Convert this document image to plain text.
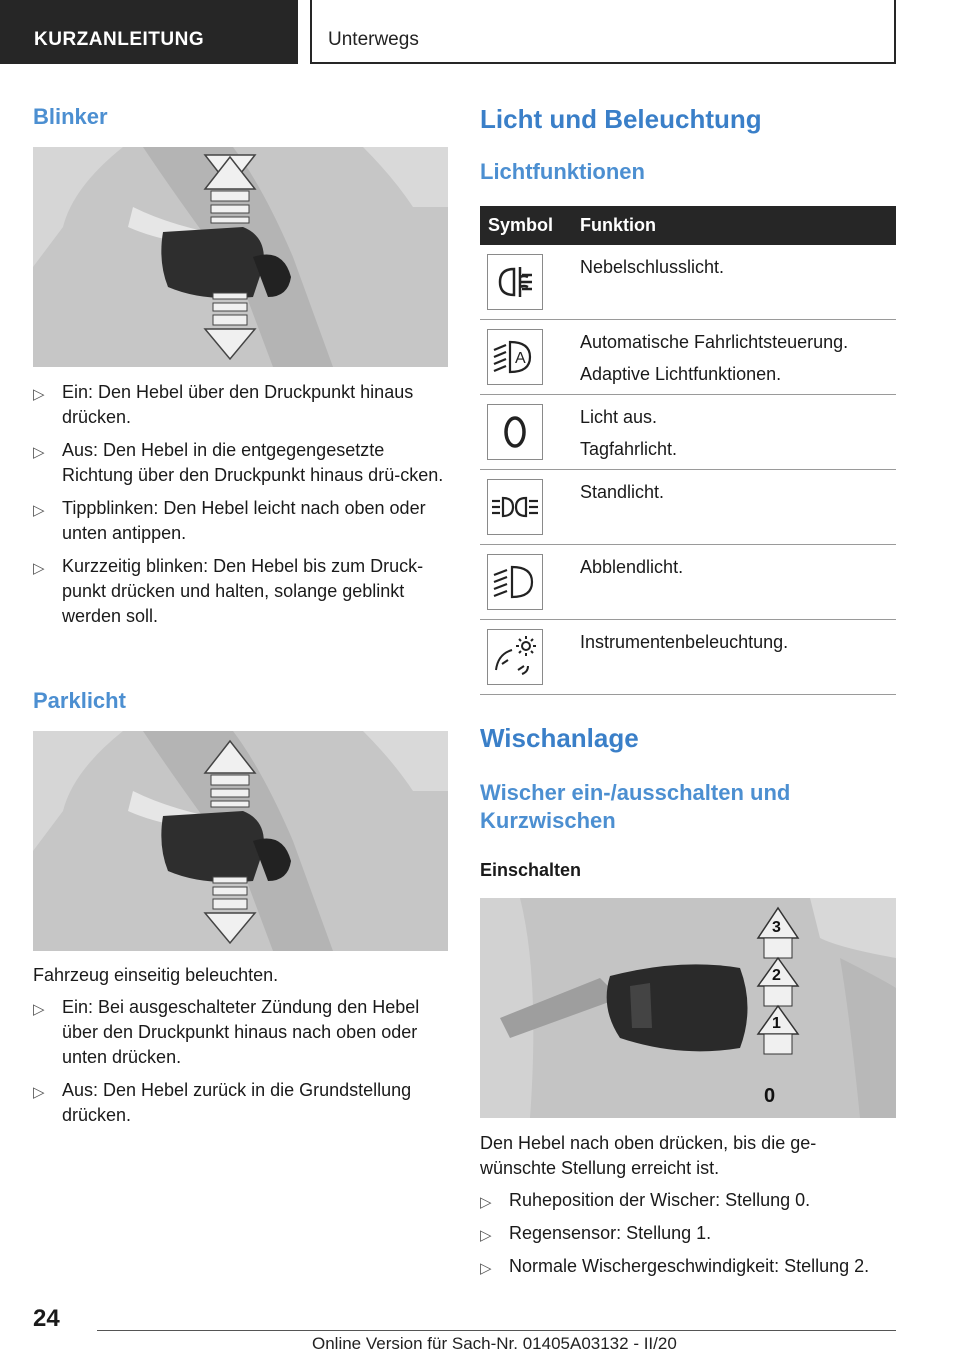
KURZANLEITUNG	Unterwegs
Blinker
▷ Ein: Den Hebel über den Druckpunkt hinaus drücken.
▷ Aus: Den Hebel in die entgegengesetzte Richtung über den Druckpunkt hinaus drü-cken.
▷ Tippblinken: Den Hebel leicht nach oben oder unten antippen.
▷ Kurzzeitig blinken: Den Hebel bis zum Druck-punkt drücken und halten, solange geblinkt werden soll.
Parklicht
Fahrzeug einseitig beleuchten.
▷ Ein: Bei ausgeschalteter Zündung den Hebel über den Druckpunkt hinaus nach oben oder unten drücken.
▷ Aus: Den Hebel zurück in die Grundstellung drücken.
Licht und Beleuchtung
Lichtfunktionen
Symbol Funktion
Nebelschlusslicht.
A
Automatische Fahrlichtsteuerung.
Adaptive Lichtfunktionen.
Licht aus.
Tagfahrlicht.
Standlicht.
Abblendlicht.
Instrumentenbeleuchtung.
Wischanlage
Wischer ein-/ausschalten und
Kurzwischen
Einschalten
3
2
1
0
Den Hebel nach oben drücken, bis die ge-
wünschte Stellung erreicht ist.
▷ Ruheposition der Wischer: Stellung 0.
▷ Regensensor: Stellung 1.
▷ Normale Wischergeschwindigkeit: Stellung 2.
24
Online Version für Sach-Nr. 01405A03132 - II/20
